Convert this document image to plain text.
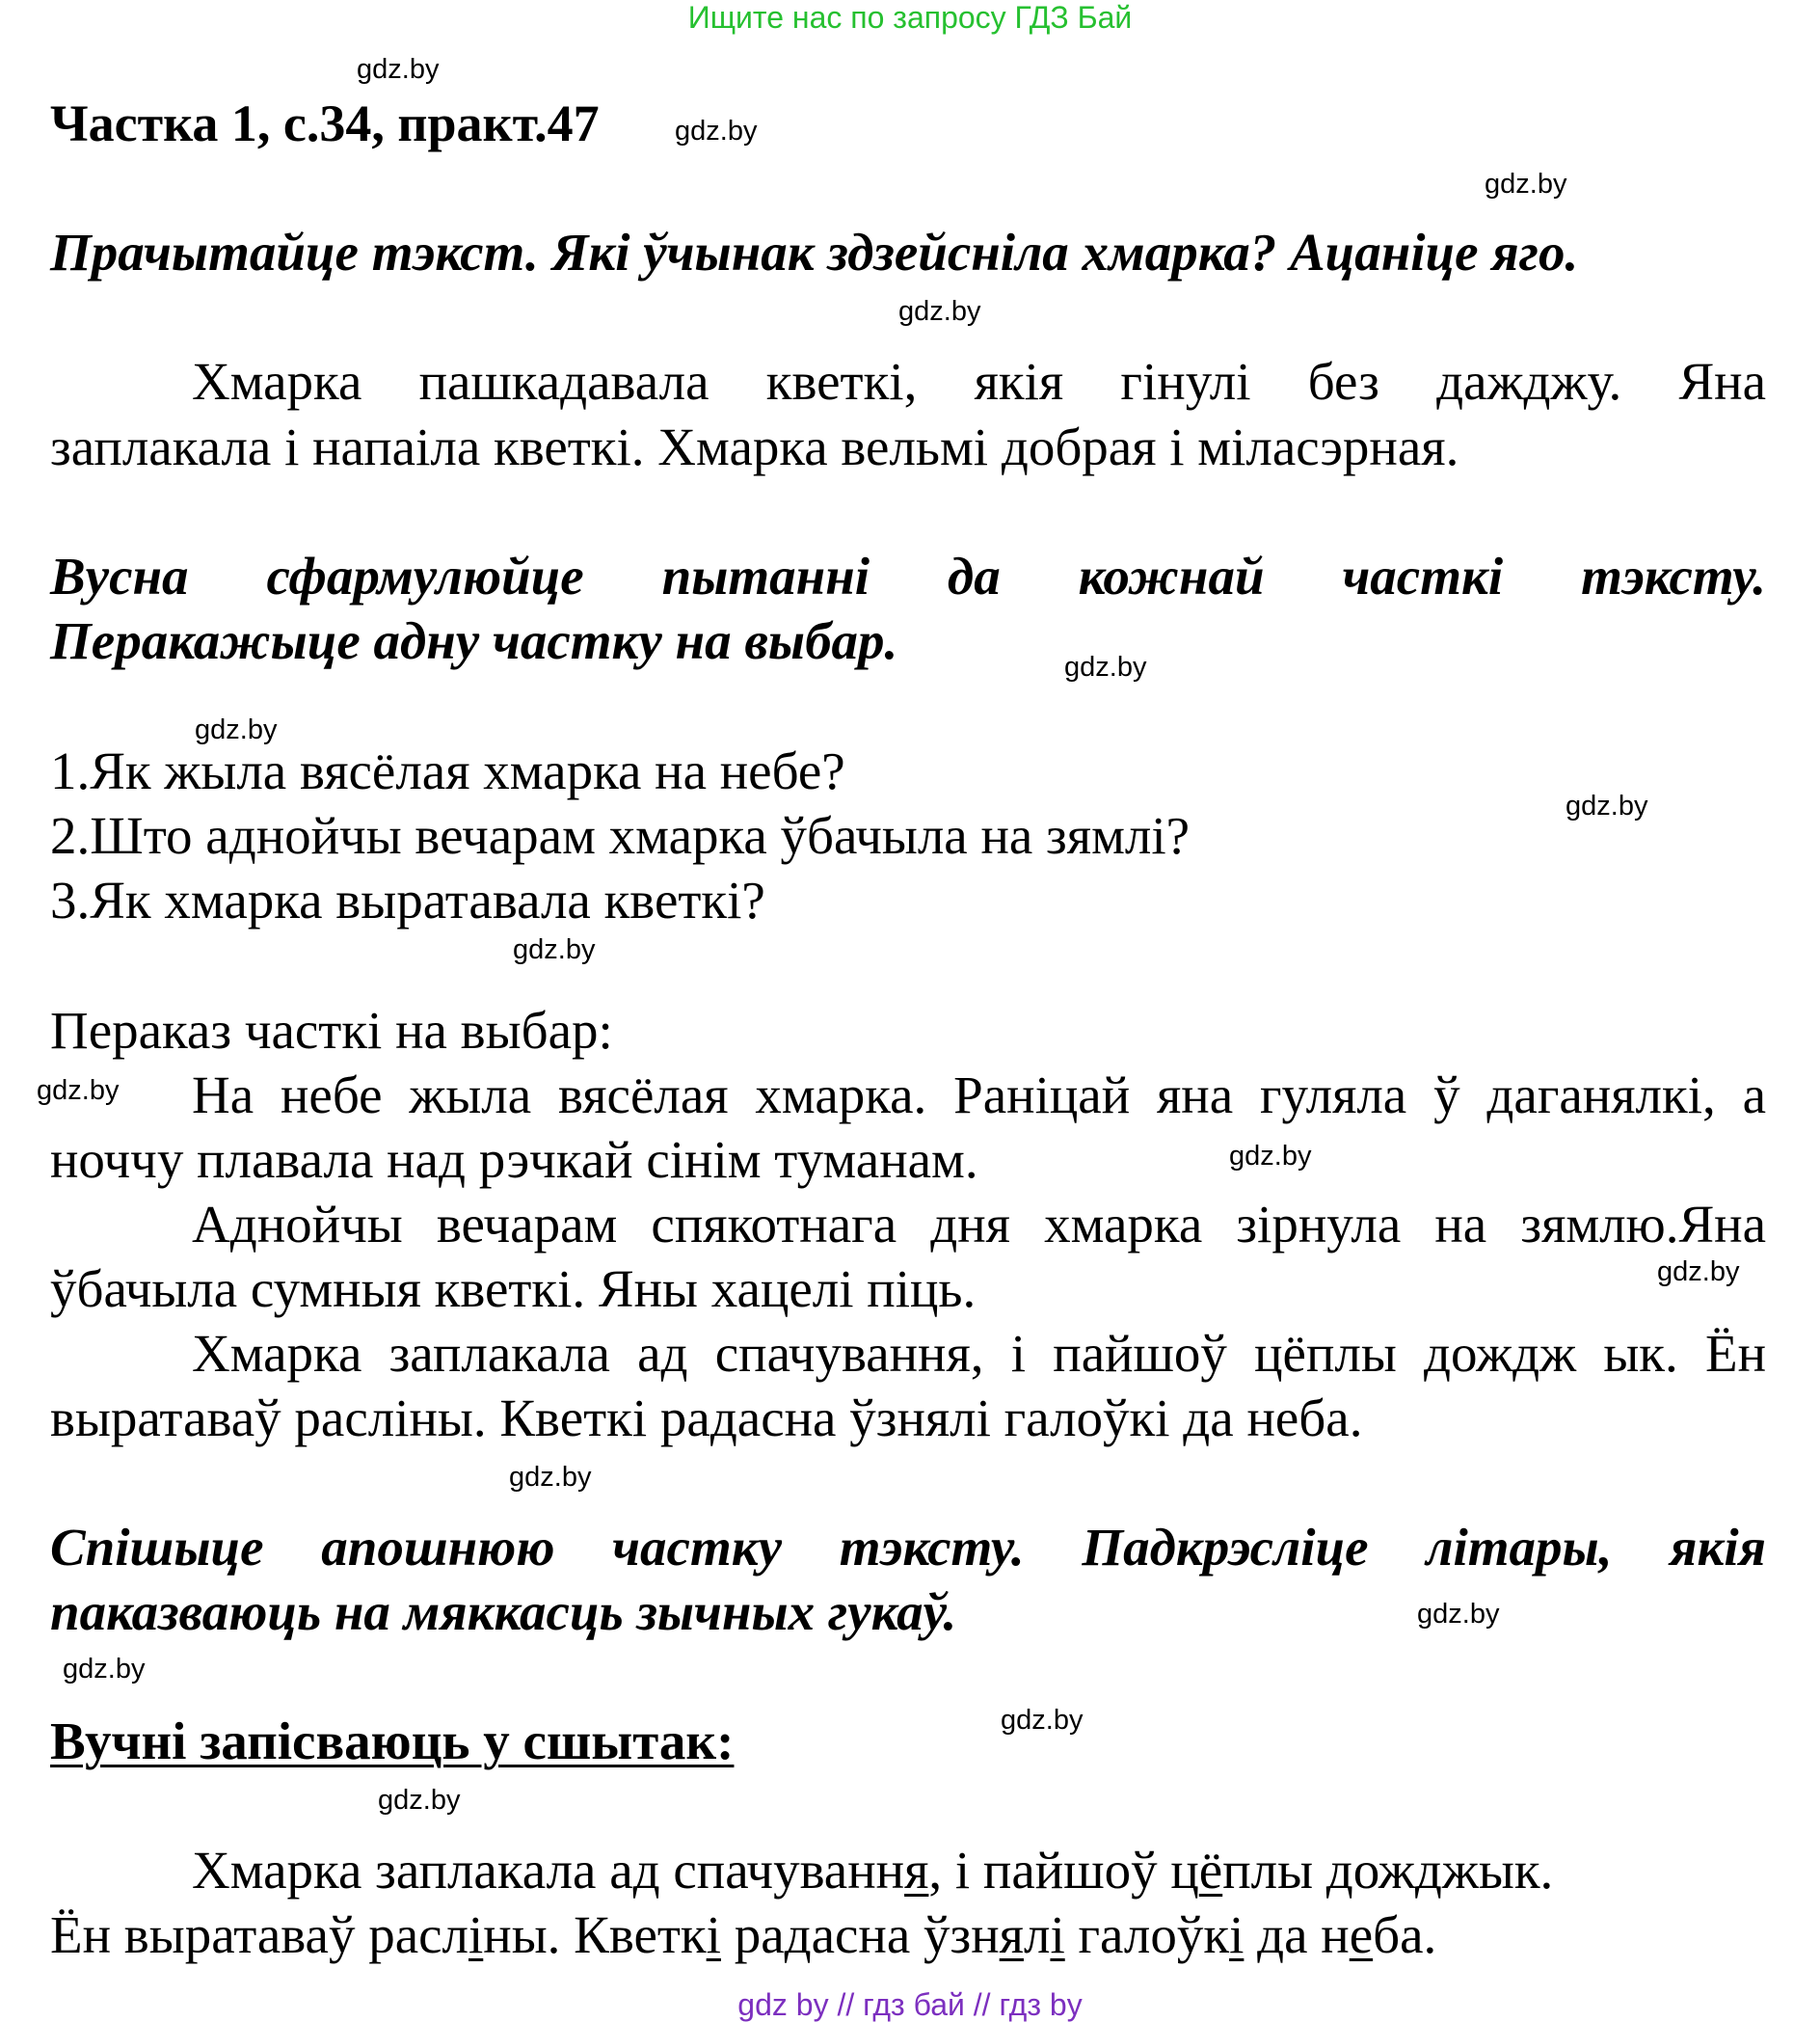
Ищите нас по запросу ГДЗ Бай
Частка 1, с.34, практ.47
Прачытайце тэкст. Які ўчынак здзейсніла хмарка? Ацаніце яго.
Хмарка пашкадавала кветкі, якія гінулі без дажджу. Яна
заплакала і напаіла кветкі. Хмарка вельмі добрая і міласэрная.
Вусна сфармулюйце пытанні да кожнай часткі тэксту.
Перакажыце адну частку на выбар.
1.Як жыла вясёлая хмарка на небе?
2.Што аднойчы вечарам хмарка ўбачыла на зямлі?
3.Як хмарка выратавала кветкі?
Пераказ часткі на выбар:
На небе жыла вясёлая хмарка. Раніцай яна гуляла ў даганялкі, а
ноччу плавала над рэчкай сінім туманам.
Аднойчы вечарам спякотнага дня хмарка зірнула на зямлю.Яна
ўбачыла сумныя кветкі. Яны хацелі піць.
Хмарка заплакала ад спачування, і пайшоў цёплы дождж ык. Ён
выратаваў расліны. Кветкі радасна ўзнялі галоўкі да неба.
Спішыце апошнюю частку тэксту. Падкрэсліце літары, якія
паказваюць на мяккасць зычных гукаў.
Вучні запісваюць у сшытак:
Хмарка заплакала ад спачування, і пайшоў цёплы дожджык.
Ён выратаваў расліны. Кветкі радасна ўзнялі галоўкі да неба.
gdz.by
gdz.by
gdz.by
gdz.by
gdz.by
gdz.by
gdz.by
gdz.by
gdz.by
gdz.by
gdz.by
gdz.by
gdz.by
gdz.by
gdz.by
gdz.by
gdz by // гдз бай // гдз by
